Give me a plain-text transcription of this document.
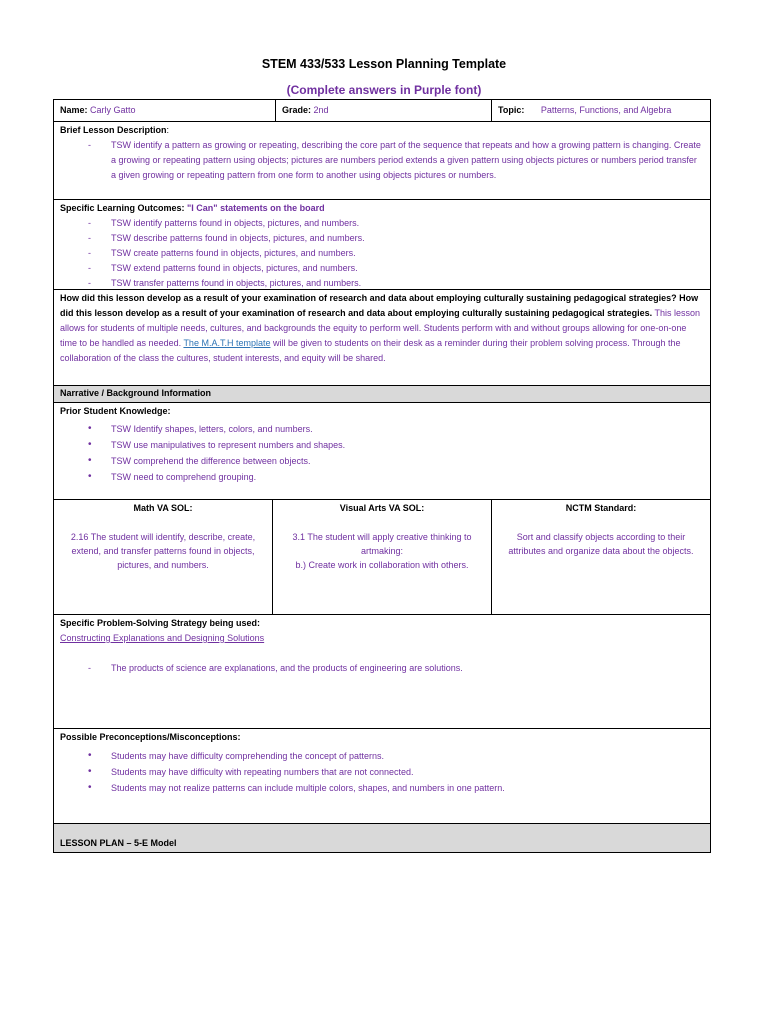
STEM 433/533 Lesson Planning Template
(Complete answers in Purple font)
Name: Carly Gatto	Grade: 2nd	Topic: Patterns, Functions, and Algebra
Brief Lesson Description:
- TSW identify a pattern as growing or repeating, describing the core part of the sequence that repeats and how a growing pattern is changing. Create a growing or repeating pattern using objects; pictures are numbers period extends a given pattern using objects pictures or numbers period transfer a given growing or repeating pattern from one form to another using objects pictures or numbers.
Specific Learning Outcomes: "I Can" statements on the board
- TSW identify patterns found in objects, pictures, and numbers.
- TSW describe patterns found in objects, pictures, and numbers.
- TSW create patterns found in objects, pictures, and numbers.
- TSW extend patterns found in objects, pictures, and numbers.
- TSW transfer patterns found in objects, pictures, and numbers.
How did this lesson develop as a result of your examination of research and data about employing culturally sustaining pedagogical strategies? How did this lesson develop as a result of your examination of research and data about employing culturally sustaining pedagogical strategies. This lesson allows for students of multiple needs, cultures, and backgrounds the equity to perform well. Students perform with and without groups allowing for one-on-one time to be handled as needed. The M.A.T.H template will be given to students on their desk as a reminder during their problem solving process. Through the collaboration of the class the cultures, student interests, and equity will be shared.
Narrative / Background Information
Prior Student Knowledge:
• TSW Identify shapes, letters, colors, and numbers.
• TSW use manipulatives to represent numbers and shapes.
• TSW comprehend the difference between objects.
• TSW need to comprehend grouping.
Math VA SOL:
2.16 The student will identify, describe, create, extend, and transfer patterns found in objects, pictures, and numbers.
Visual Arts VA SOL:
3.1 The student will apply creative thinking to artmaking:
b.) Create work in collaboration with others.
NCTM Standard:
Sort and classify objects according to their attributes and organize data about the objects.
Specific Problem-Solving Strategy being used:
Constructing Explanations and Designing Solutions
- The products of science are explanations, and the products of engineering are solutions.
Possible Preconceptions/Misconceptions:
• Students may have difficulty comprehending the concept of patterns.
• Students may have difficulty with repeating numbers that are not connected.
• Students may not realize patterns can include multiple colors, shapes, and numbers in one pattern.
LESSON PLAN – 5-E Model
